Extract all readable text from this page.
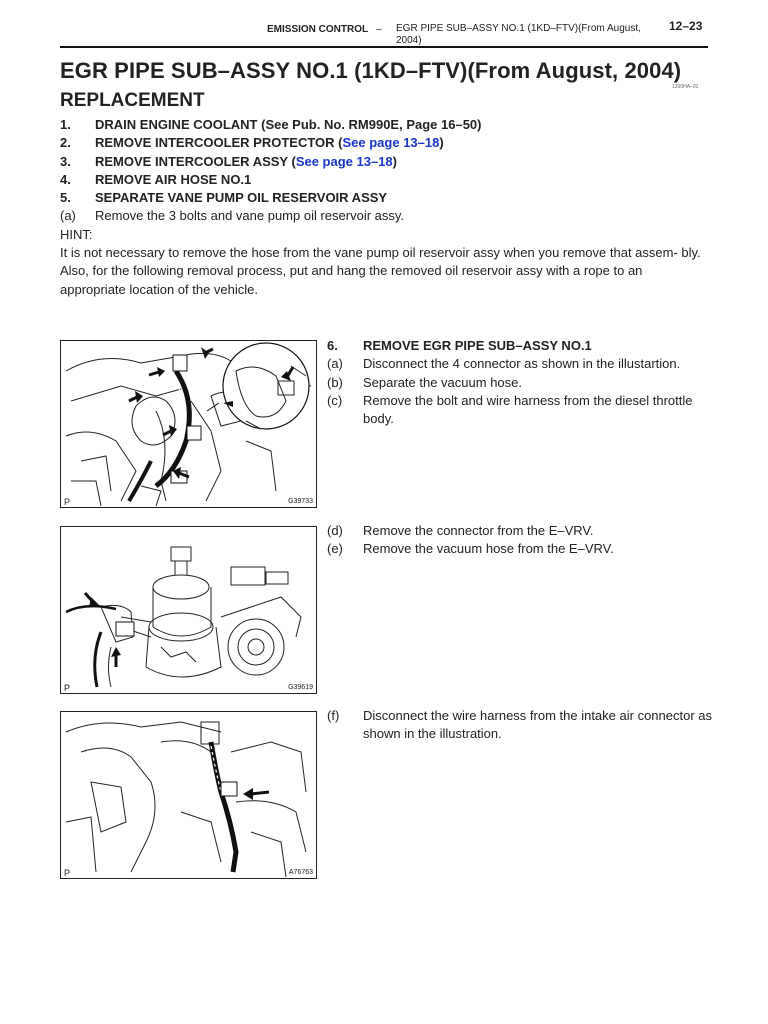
EMISSION CONTROL – EGR PIPE SUB–ASSY NO.1 (1KD–FTV)(From August, 2004)
12–23
EGR PIPE SUB–ASSY NO.1 (1KD–FTV)(From August, 2004)
1200HA–01
REPLACEMENT
1. DRAIN ENGINE COOLANT (See Pub. No. RM990E, Page 16–50)
2. REMOVE INTERCOOLER PROTECTOR (See page 13–18)
3. REMOVE INTERCOOLER ASSY (See page 13–18)
4. REMOVE AIR HOSE NO.1
5. SEPARATE VANE PUMP OIL RESERVOIR ASSY
(a) Remove the 3 bolts and vane pump oil reservoir assy.
HINT:
It is not necessary to remove the hose from the vane pump oil reservoir assy when you remove that assem- bly. Also, for the following removal process, put and hang the removed oil reservoir assy with a rope to an appropriate location of the vehicle.
P	G39733
P	G39619
P	A76763
6. REMOVE EGR PIPE SUB–ASSY NO.1
(a) Disconnect the 4 connector as shown in the illustartion.
(b) Separate the vacuum hose.
(c) Remove the bolt and wire harness from the diesel throttle body.
(d) Remove the connector from the E–VRV.
(e) Remove the vacuum hose from the E–VRV.
(f) Disconnect the wire harness from the intake air connector as shown in the illustration.
